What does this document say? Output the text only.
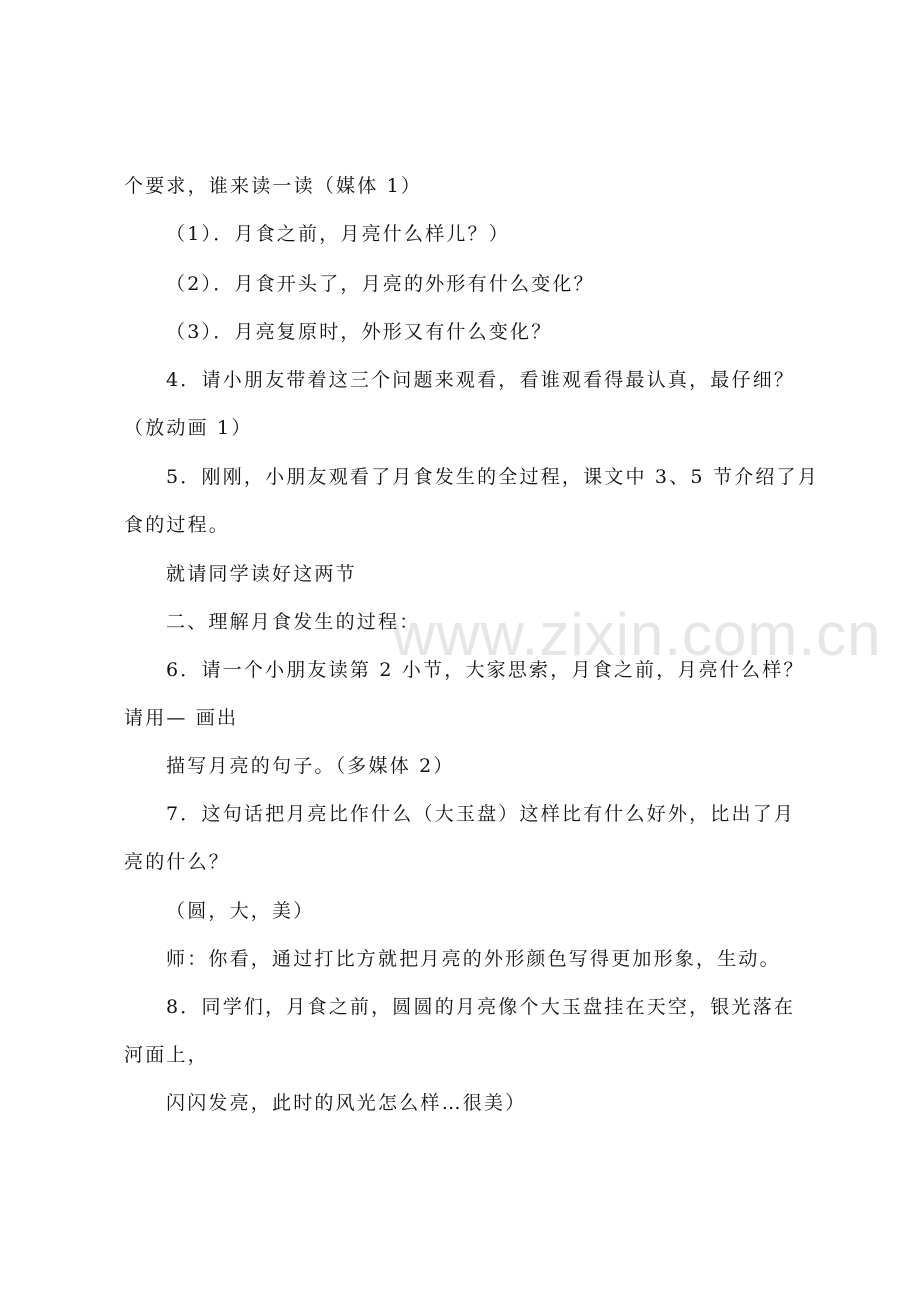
www.zixin.com.cn
个要求，谁来读一读（媒体 1）
（1）．月食之前，月亮什么样儿？）
（2）．月食开头了，月亮的外形有什么变化？
（3）．月亮复原时，外形又有什么变化？
4．请小朋友带着这三个问题来观看，看谁观看得最认真，最仔细？
（放动画 1）
5．刚刚，小朋友观看了月食发生的全过程，课文中 3、5 节介绍了月
食的过程。
就请同学读好这两节
二、理解月食发生的过程：
6．请一个小朋友读第 2 小节，大家思索，月食之前，月亮什么样？
请用— 画出
描写月亮的句子。（多媒体 2）
7．这句话把月亮比作什么（大玉盘）这样比有什么好外，比出了月
亮的什么？
（圆，大，美）
师：你看，通过打比方就把月亮的外形颜色写得更加形象，生动。
8．同学们，月食之前，圆圆的月亮像个大玉盘挂在天空，银光落在
河面上，
闪闪发亮，此时的风光怎么样…很美）
